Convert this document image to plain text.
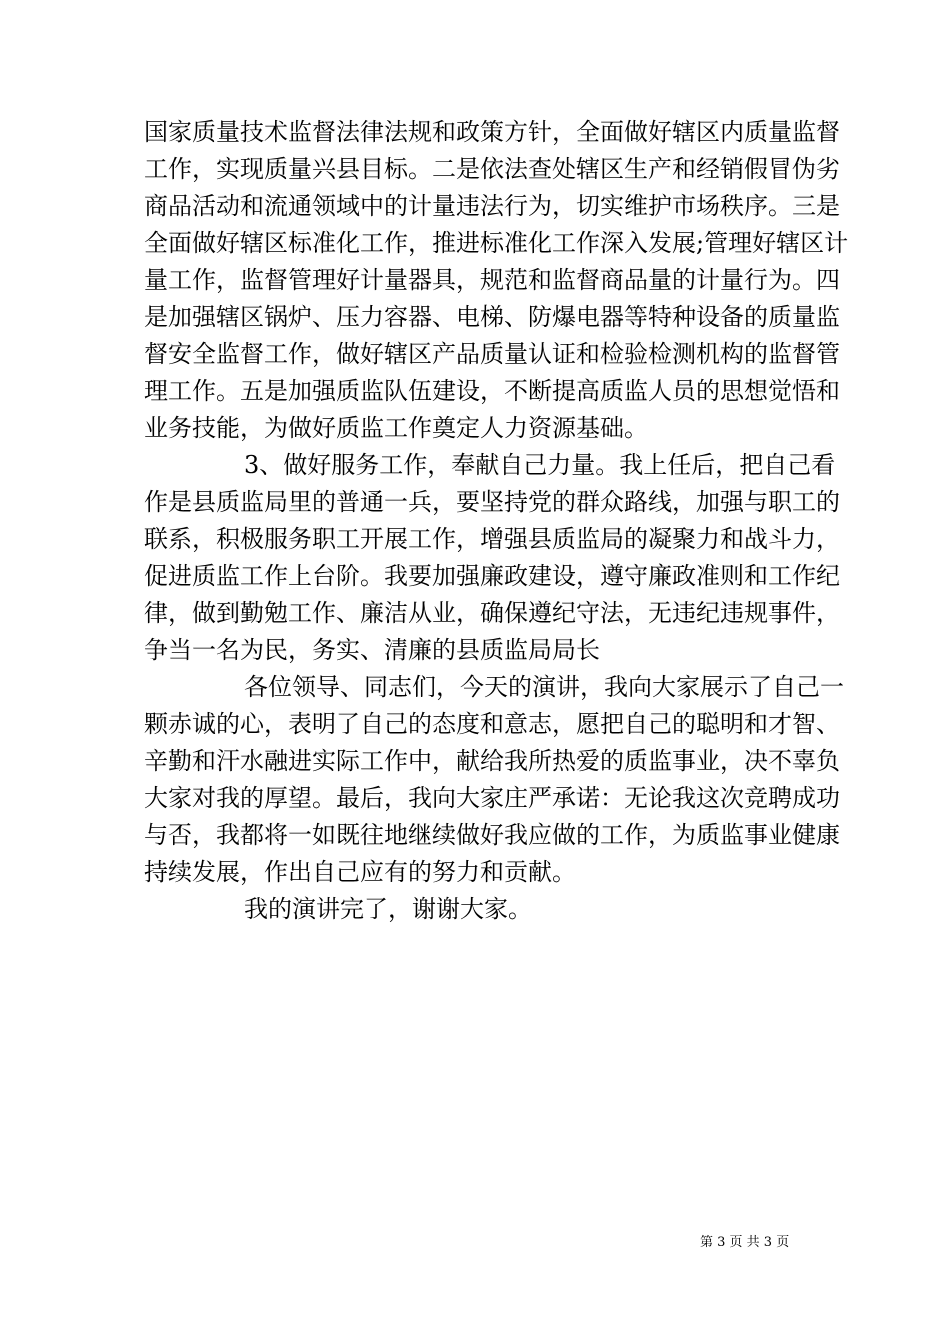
国家质量技术监督法律法规和政策方针，全面做好辖区内质量监督
工作，实现质量兴县目标。二是依法查处辖区生产和经销假冒伪劣
商品活动和流通领域中的计量违法行为，切实维护市场秩序。三是
全面做好辖区标准化工作，推进标准化工作深入发展;管理好辖区计
量工作，监督管理好计量器具，规范和监督商品量的计量行为。四
是加强辖区锅炉、压力容器、电梯、防爆电器等特种设备的质量监
督安全监督工作，做好辖区产品质量认证和检验检测机构的监督管
理工作。五是加强质监队伍建设，不断提高质监人员的思想觉悟和
业务技能，为做好质监工作奠定人力资源基础。
3、做好服务工作，奉献自己力量。我上任后，把自己看
作是县质监局里的普通一兵，要坚持党的群众路线，加强与职工的
联系，积极服务职工开展工作，增强县质监局的凝聚力和战斗力，
促进质监工作上台阶。我要加强廉政建设，遵守廉政准则和工作纪
律，做到勤勉工作、廉洁从业，确保遵纪守法，无违纪违规事件，
争当一名为民，务实、清廉的县质监局局长
各位领导、同志们，今天的演讲，我向大家展示了自己一
颗赤诚的心，表明了自己的态度和意志，愿把自己的聪明和才智、
辛勤和汗水融进实际工作中，献给我所热爱的质监事业，决不辜负
大家对我的厚望。最后，我向大家庄严承诺：无论我这次竞聘成功
与否，我都将一如既往地继续做好我应做的工作，为质监事业健康
持续发展，作出自己应有的努力和贡献。
我的演讲完了，谢谢大家。
第 3 页 共 3 页
